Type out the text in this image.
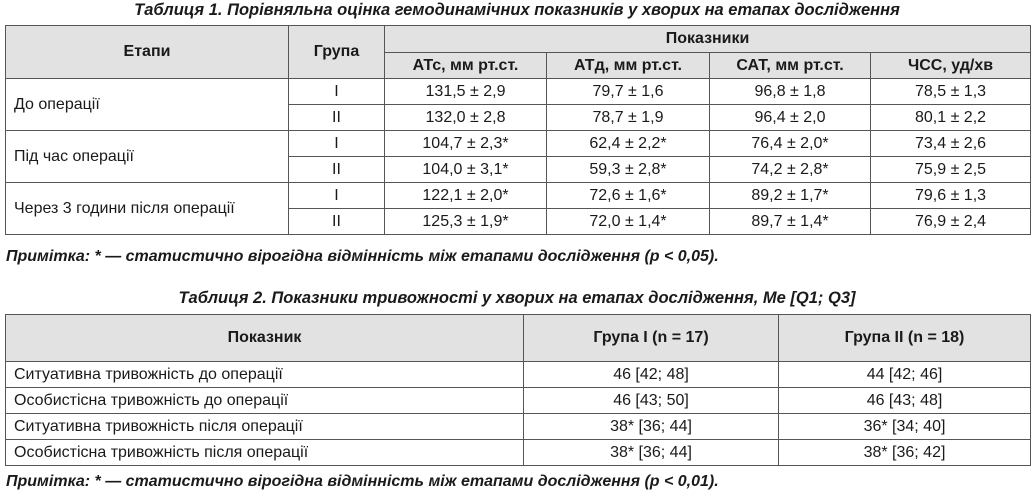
Таблиця 1. Порівняльна оцінка гемодинамічних показників у хворих на етапах дослідження
Етапи	Група	Показники			
		АТс, мм рт.ст.	АТд, мм рт.ст.	САТ, мм рт.ст.	ЧСС, уд/хв
До операції	I	131,5 ± 2,9	79,7 ± 1,6	96,8 ± 1,8	78,5 ± 1,3
	II	132,0 ± 2,8	78,7 ± 1,9	96,4 ± 2,0	80,1 ± 2,2
Під час операції	I	104,7 ± 2,3*	62,4 ± 2,2*	76,4 ± 2,0*	73,4 ± 2,6
	II	104,0 ± 3,1*	59,3 ± 2,8*	74,2 ± 2,8*	75,9 ± 2,5
Через 3 години після операції	I	122,1 ± 2,0*	72,6 ± 1,6*	89,2 ± 1,7*	79,6 ± 1,3
	II	125,3 ± 1,9*	72,0 ± 1,4*	89,7 ± 1,4*	76,9 ± 2,4
Примітка: * — статистично вірогідна відмінність між етапами дослідження (р < 0,05).
Таблиця 2. Показники тривожності у хворих на етапах дослідження, Me [Q1; Q3]
Показник	Група I (n = 17)	Група II (n = 18)
Ситуативна тривожність до операції	46 [42; 48]	44 [42; 46]
Особистісна тривожність до операції	46 [43; 50]	46 [43; 48]
Ситуативна тривожність після операції	38* [36; 44]	36* [34; 40]
Особистісна тривожність після операції	38* [36; 44]	38* [36; 42]
Примітка: * — статистично вірогідна відмінність між етапами дослідження (р < 0,01).
